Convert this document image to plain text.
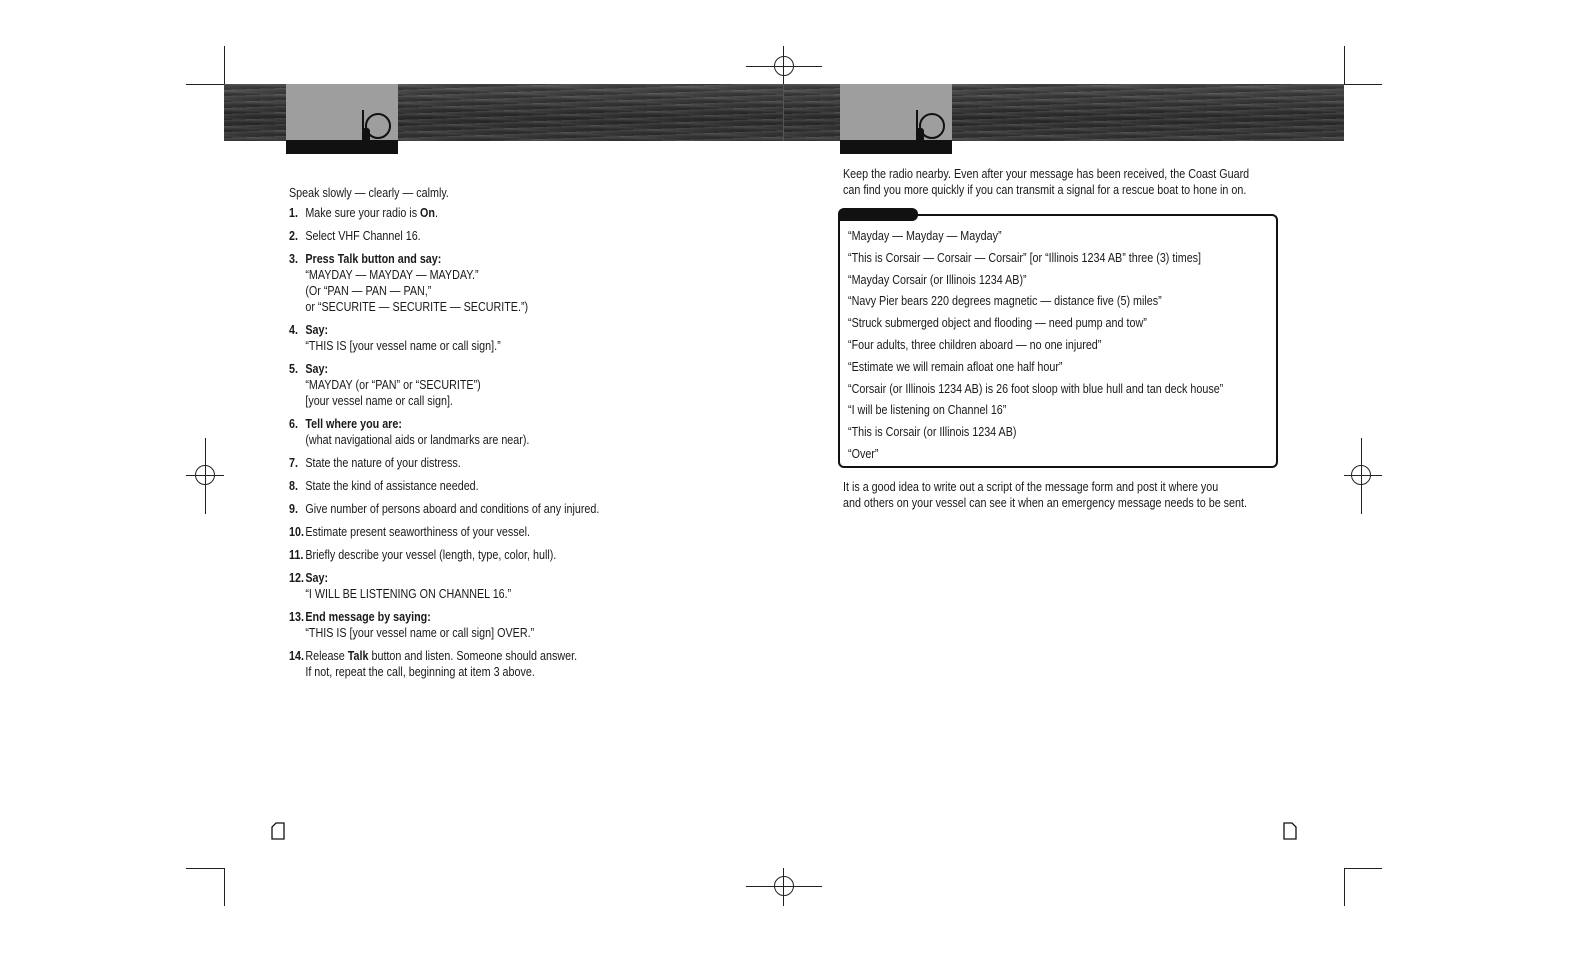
Speak slowly — clearly — calmly.
1. Make sure your radio is On.
2. Select VHF Channel 16.
3. Press Talk button and say:
“MAYDAY — MAYDAY — MAYDAY.”
(Or “PAN — PAN — PAN,”
or “SECURITE — SECURITE — SECURITE.”)
4. Say:
“THIS IS [your vessel name or call sign].”
5. Say:
“MAYDAY (or “PAN” or “SECURITE”)
[your vessel name or call sign].
6. Tell where you are:
(what navigational aids or landmarks are near).
7. State the nature of your distress.
8. State the kind of assistance needed.
9. Give number of persons aboard and conditions of any injured.
10. Estimate present seaworthiness of your vessel.
11. Briefly describe your vessel (length, type, color, hull).
12. Say:
“I WILL BE LISTENING ON CHANNEL 16.”
13. End message by saying:
“THIS IS [your vessel name or call sign] OVER.”
14. Release Talk button and listen. Someone should answer.
If not, repeat the call, beginning at item 3 above.
Keep the radio nearby. Even after your message has been received, the Coast Guard
can find you more quickly if you can transmit a signal for a rescue boat to hone in on.
“Mayday — Mayday — Mayday”
“This is Corsair — Corsair — Corsair” [or “Illinois 1234 AB” three (3) times]
“Mayday Corsair (or Illinois 1234 AB)”
“Navy Pier bears 220 degrees magnetic — distance five (5) miles”
“Struck submerged object and flooding — need pump and tow”
“Four adults, three children aboard — no one injured”
“Estimate we will remain afloat one half hour”
“Corsair (or Illinois 1234 AB) is 26 foot sloop with blue hull and tan deck house”
“I will be listening on Channel 16”
“This is Corsair (or Illinois 1234 AB)
“Over”
It is a good idea to write out a script of the message form and post it where you
and others on your vessel can see it when an emergency message needs to be sent.
